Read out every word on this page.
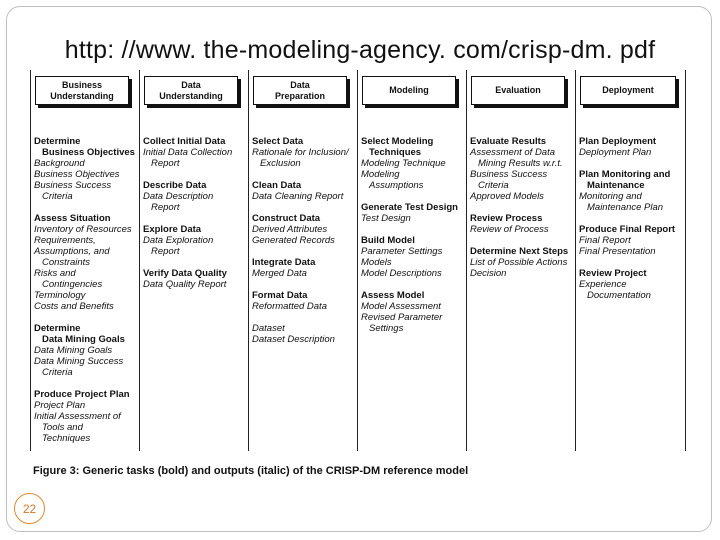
http: //www. the-modeling-agency. com/crisp-dm. pdf
Business
Understanding
Determine
Business Objectives
Background
Business Objectives
Business Success
Criteria
Assess Situation
Inventory of Resources
Requirements,
Assumptions, and
Constraints
Risks and
Contingencies
Terminology
Costs and Benefits
Determine
Data Mining Goals
Data Mining Goals
Data Mining Success
Criteria
Produce Project Plan
Project Plan
Initial Assessment of
Tools and
Techniques
Data
Understanding
Collect Initial Data
Initial Data Collection
Report
Describe Data
Data Description
Report
Explore Data
Data Exploration
Report
Verify Data Quality
Data Quality Report
Data
Preparation
Select Data
Rationale for Inclusion/
Exclusion
Clean Data
Data Cleaning Report
Construct Data
Derived Attributes
Generated Records
Integrate Data
Merged Data
Format Data
Reformatted Data
Dataset
Dataset Description
Modeling
Select Modeling
Techniques
Modeling Technique
Modeling
Assumptions
Generate Test Design
Test Design
Build Model
Parameter Settings
Models
Model Descriptions
Assess Model
Model Assessment
Revised Parameter
Settings
Evaluation
Evaluate Results
Assessment of Data
Mining Results w.r.t.
Business Success
Criteria
Approved Models
Review Process
Review of Process
Determine Next Steps
List of Possible Actions
Decision
Deployment
Plan Deployment
Deployment Plan
Plan Monitoring and
Maintenance
Monitoring and
Maintenance Plan
Produce Final Report
Final Report
Final Presentation
Review Project
Experience
Documentation
Figure 3: Generic tasks (bold) and outputs (italic) of the CRISP-DM reference model
22
